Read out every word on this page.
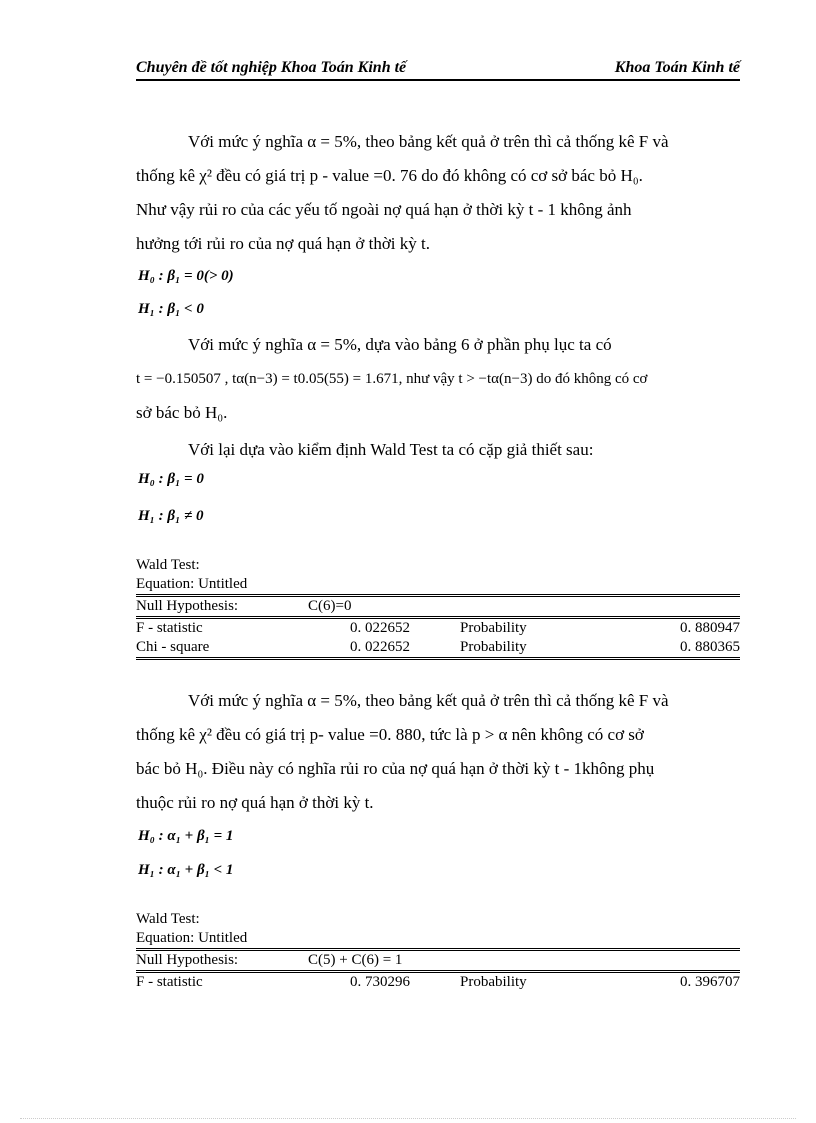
Chuyên đề tốt nghiệp Khoa Toán Kinh tế	Khoa Toán Kinh tế
Với mức ý nghĩa α = 5%, theo bảng kết quả ở trên thì cả thống kê F và
thống kê χ² đều có giá trị p - value =0. 76 do đó không có cơ sở bác bỏ H₀.
Như vậy rủi ro của các yếu tố ngoài nợ quá hạn ở thời kỳ t - 1 không ảnh
hưởng tới rủi ro của nợ quá hạn ở thời kỳ t.
H₀ : β₁ = 0(> 0)
H₁ : β₁ < 0
Với mức ý nghĩa α = 5%, dựa vào bảng 6 ở phần phụ lục ta có
t = −0.150507 , tα(n−3) = t0.05(55) = 1.671, như vậy t > −tα(n−3) do đó không có cơ
sở bác bỏ H₀.
Với lại dựa vào kiểm định Wald Test ta có cặp giả thiết sau:
H₀ : β₁ = 0
H₁ : β₁ ≠ 0
Wald Test:
Equation: Untitled
Null Hypothesis:	C(6)=0
F - statistic	0. 022652	Probability	0. 880947
Chi - square	0. 022652	Probability	0. 880365
Với mức ý nghĩa α = 5%, theo bảng kết quả ở trên thì cả thống kê F và
thống kê χ² đều có giá trị p- value =0. 880, tức là p > α nên không có cơ sở
bác bỏ H₀. Điều này có nghĩa rủi ro của nợ quá hạn ở thời kỳ t - 1không phụ
thuộc rủi ro nợ quá hạn ở thời kỳ t.
H₀ : α₁ + β₁ = 1
H₁ : α₁ + β₁ < 1
Wald Test:
Equation: Untitled
Null Hypothesis:	C(5) + C(6) = 1
F - statistic	0. 730296	Probability	0. 396707
